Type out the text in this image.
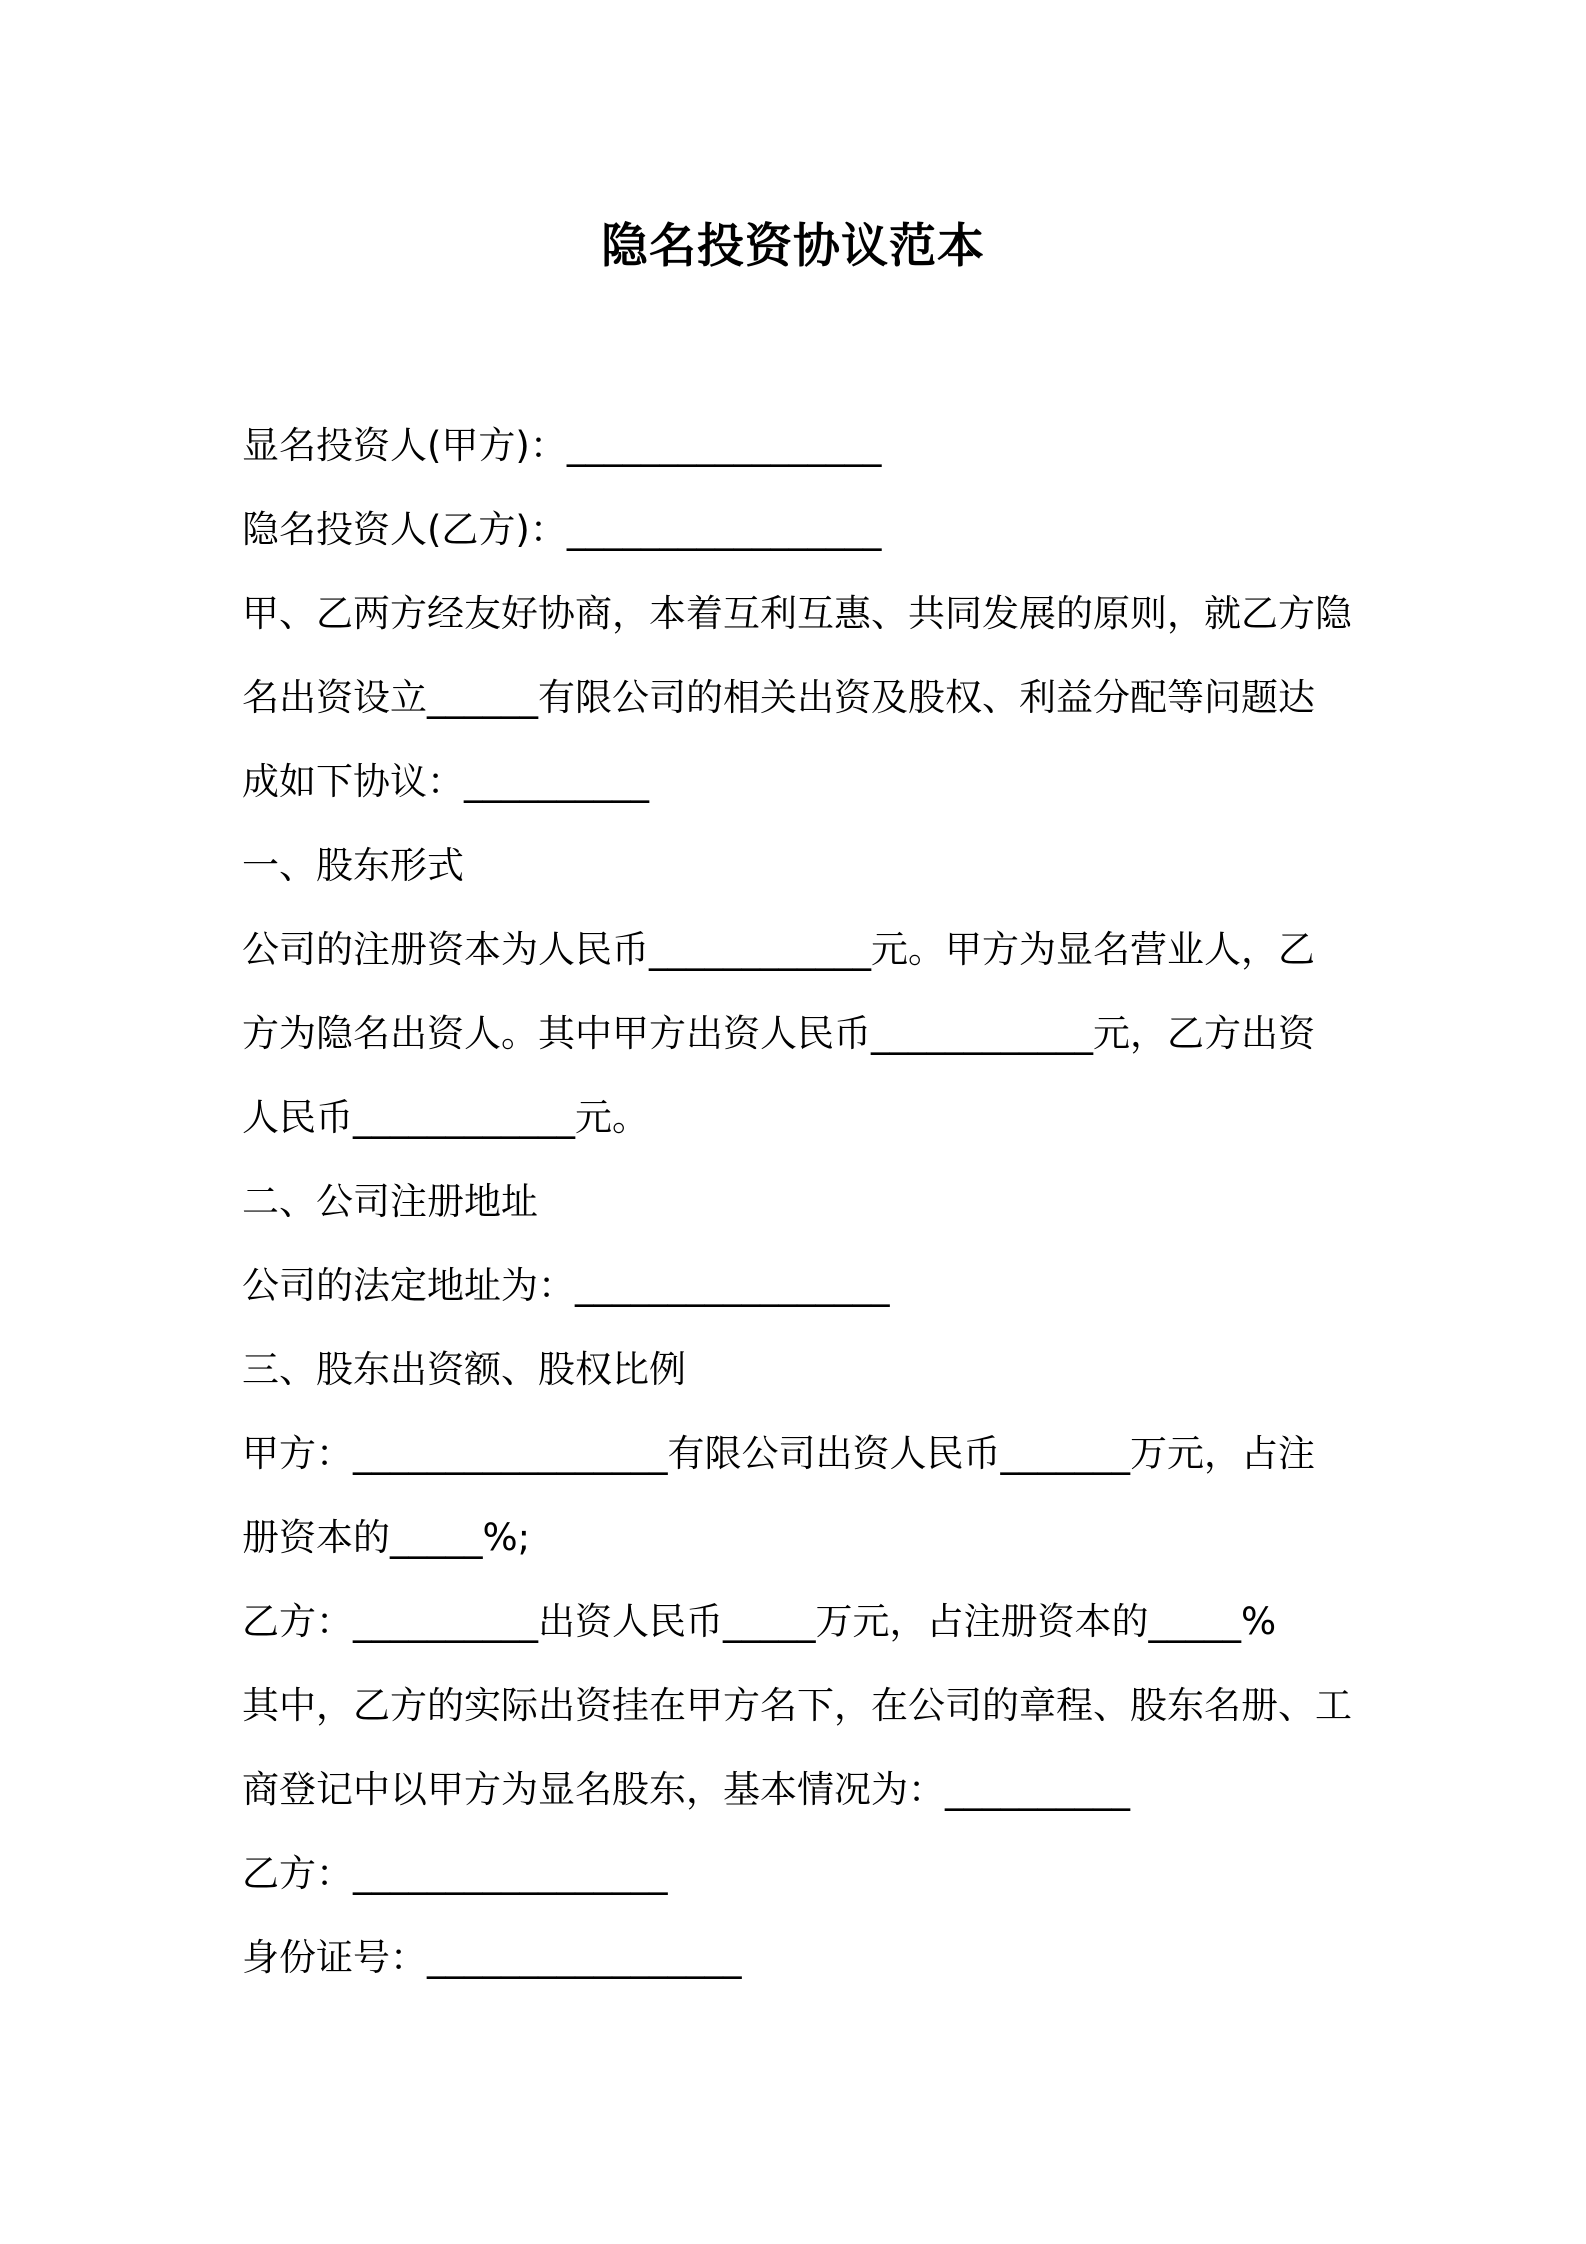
隐名投资协议范本
显名投资人(甲方)：_________________
隐名投资人(乙方)：_________________
甲、乙两方经友好协商，本着互利互惠、共同发展的原则，就乙方隐
名出资设立______有限公司的相关出资及股权、利益分配等问题达
成如下协议：__________
一、股东形式
公司的注册资本为人民币____________元。甲方为显名营业人，乙
方为隐名出资人。其中甲方出资人民币____________元，乙方出资
人民币____________元。
二、公司注册地址
公司的法定地址为：_________________
三、股东出资额、股权比例
甲方：_________________有限公司出资人民币_______万元，占注
册资本的_____%;
乙方：__________出资人民币_____万元，占注册资本的_____%
其中，乙方的实际出资挂在甲方名下，在公司的章程、股东名册、工
商登记中以甲方为显名股东，基本情况为：__________
乙方：_________________
身份证号：_________________
